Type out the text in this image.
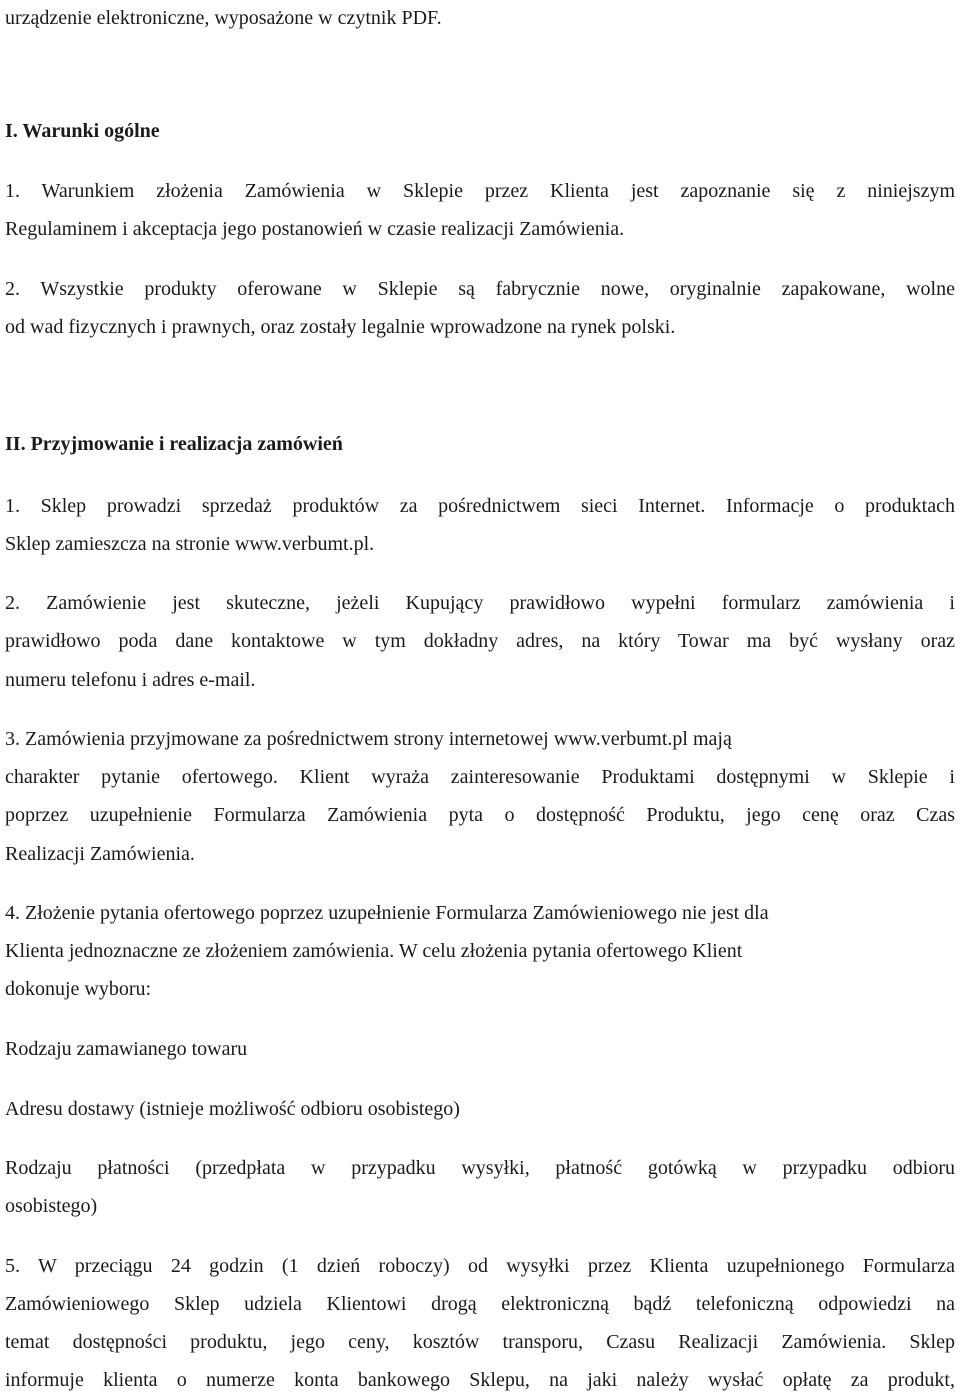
urządzenie elektroniczne, wyposażone w czytnik PDF.
I. Warunki ogólne
1. Warunkiem złożenia Zamówienia w Sklepie przez Klienta jest zapoznanie się z niniejszym
Regulaminem i akceptacja jego postanowień w czasie realizacji Zamówienia.
2. Wszystkie produkty oferowane w Sklepie są fabrycznie nowe, oryginalnie zapakowane, wolne
od wad fizycznych i prawnych, oraz zostały legalnie wprowadzone na rynek polski.
II. Przyjmowanie i realizacja zamówień
1. Sklep prowadzi sprzedaż produktów za pośrednictwem sieci Internet. Informacje o produktach
Sklep zamieszcza na stronie www.verbumt.pl.
2. Zamówienie jest skuteczne, jeżeli Kupujący prawidłowo wypełni formularz zamówienia i
prawidłowo poda dane kontaktowe w tym dokładny adres, na który Towar ma być wysłany oraz
numeru telefonu i adres e-mail.
3. Zamówienia przyjmowane za pośrednictwem strony internetowej www.verbumt.pl mają
charakter pytanie ofertowego. Klient wyraża zainteresowanie Produktami dostępnymi w Sklepie i
poprzez uzupełnienie Formularza Zamówienia pyta o dostępność Produktu, jego cenę oraz Czas
Realizacji Zamówienia.
4. Złożenie pytania ofertowego poprzez uzupełnienie Formularza Zamówieniowego nie jest dla
Klienta jednoznaczne ze złożeniem zamówienia. W celu złożenia pytania ofertowego Klient
dokonuje wyboru:
Rodzaju zamawianego towaru
Adresu dostawy (istnieje możliwość odbioru osobistego)
Rodzaju płatności (przedpłata w przypadku wysyłki, płatność gotówką w przypadku odbioru
osobistego)
5. W przeciągu 24 godzin (1 dzień roboczy) od wysyłki przez Klienta uzupełnionego Formularza
Zamówieniowego Sklep udziela Klientowi drogą elektroniczną bądź telefoniczną odpowiedzi na
temat dostępności produktu, jego ceny, kosztów transporu, Czasu Realizacji Zamówienia. Sklep
informuje klienta o numerze konta bankowego Sklepu, na jaki należy wysłać opłatę za produkt,
